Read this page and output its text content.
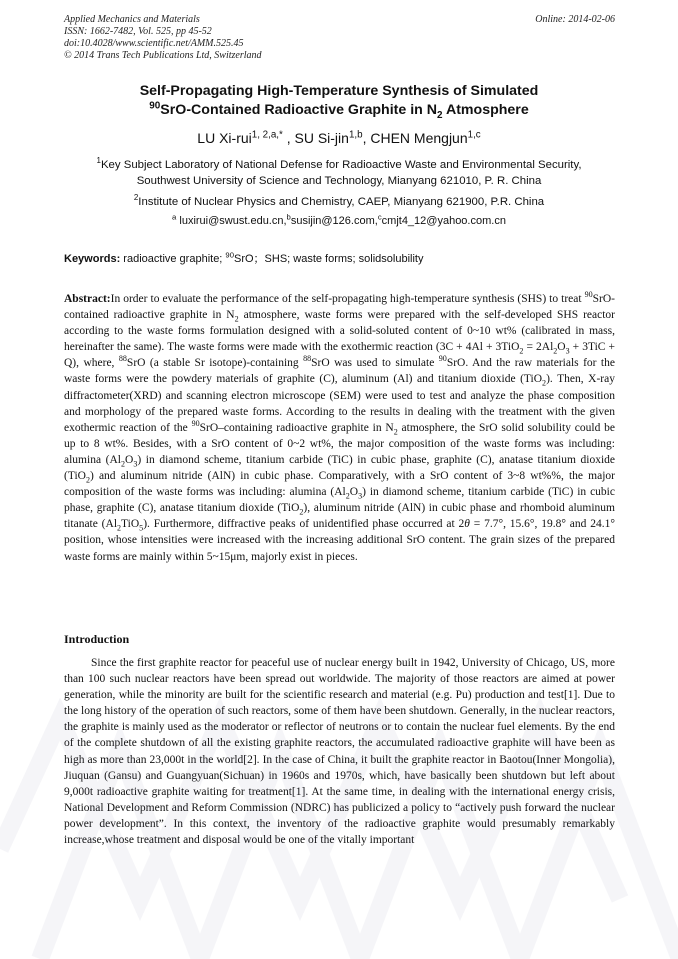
Applied Mechanics and Materials
ISSN: 1662-7482, Vol. 525, pp 45-52
doi:10.4028/www.scientific.net/AMM.525.45
© 2014 Trans Tech Publications Ltd, Switzerland
Online: 2014-02-06
Self-Propagating High-Temperature Synthesis of Simulated
$^{90}$SrO-Contained Radioactive Graphite in $N_2$ Atmosphere
LU Xi-rui$^{1, 2,a,*}$ , SU Si-jin$^{1,b}$, CHEN Mengjun$^{1,c}$
$^1$Key Subject Laboratory of National Defense for Radioactive Waste and Environmental Security,
Southwest University of Science and Technology, Mianyang 621010, P. R. China
$^2$Institute of Nuclear Physics and Chemistry, CAEP, Mianyang 621900, P.R. China
$^a$ luxirui@swust.edu.cn,$^b$susijin@126.com,$^c$cmjt4_12@yahoo.com.cn
Keywords: radioactive graphite; $^{90}$SrO；SHS; waste forms; solidsolubility

Abstract:In order to evaluate the performance of the self-propagating high-temperature synthesis (SHS) to treat $^{90}$SrO-contained radioactive graphite in $N_2$ atmosphere, waste forms were prepared with the self-developed SHS reactor according to the waste forms formulation designed with a solid-soluted content of 0~10 wt% (calibrated in mass, hereinafter the same). The waste forms were made with the exothermic reaction $(3C + 4Al + 3TiO_2 = 2Al_2O_3 + 3TiC + Q)$, where, $^{88}$SrO (a stable Sr isotope)-containing $^{88}$SrO was used to simulate $^{90}$SrO. And the raw materials for the waste forms were the powdery materials of graphite (C), aluminum (Al) and titanium dioxide (TiO$_2$). Then, X-ray diffractometer(XRD) and scanning electron microscope (SEM) were used to test and analyze the phase composition and morphology of the prepared waste forms. According to the results in dealing with the treatment with the given exothermic reaction of the $^{90}$SrO–containing radioactive graphite in $N_2$ atmosphere, the SrO solid solubility could be up to 8 wt%. Besides, with a SrO content of 0~2 wt%, the major composition of the waste forms was including: alumina $(Al_2O_3)$ in diamond scheme, titanium carbide (TiC) in cubic phase, graphite (C), anatase titanium dioxide (TiO$_2$) and aluminum nitride (AlN) in cubic phase. Comparatively, with a SrO content of 3~8 wt%%, the major composition of the waste forms was including: alumina $(Al_2O_3)$ in diamond scheme, titanium carbide (TiC) in cubic phase, graphite (C), anatase titanium dioxide (TiO$_2$), aluminum nitride (AlN) in cubic phase and rhomboid aluminum titanate $(Al_2TiO_5)$. Furthermore, diffractive peaks of unidentified phase occurred at 2θ = 7.7°, 15.6°, 19.8° and 24.1° position, whose intensities were increased with the increasing additional SrO content. The grain sizes of the prepared waste forms are mainly within 5~15μm, majorly exist in pieces.

Introduction

Since the first graphite reactor for peaceful use of nuclear energy built in 1942, University of Chicago, US, more than 100 such nuclear reactors have been spread out worldwide. The majority of those reactors are aimed at power generation, while the minority are built for the scientific research and material (e.g. Pu) production and test[1]. Due to the long history of the operation of such reactors, some of them have been shutdown. Generally, in the nuclear reactors, the graphite is mainly used as the moderator or reflector of neutrons or to contain the nuclear fuel elements. By the end of the complete shutdown of all the existing graphite reactors, the accumulated radioactive graphite will have been as high as more than 23,000t in the world[2]. In the case of China, it built the graphite reactor in Baotou(Inner Mongolia), Jiuquan (Gansu) and Guangyuan(Sichuan) in 1960s and 1970s, which, have basically been shutdown but left about 9,000t radioactive graphite waiting for treatment[1]. At the same time, in dealing with the international energy crisis, National Development and Reform Commission (NDRC) has publicized a policy to “actively push forward the nuclear power development”. In this context, the inventory of the radioactive graphite would presumably remarkably increase,whose treatment and disposal would be one of the vitally important
